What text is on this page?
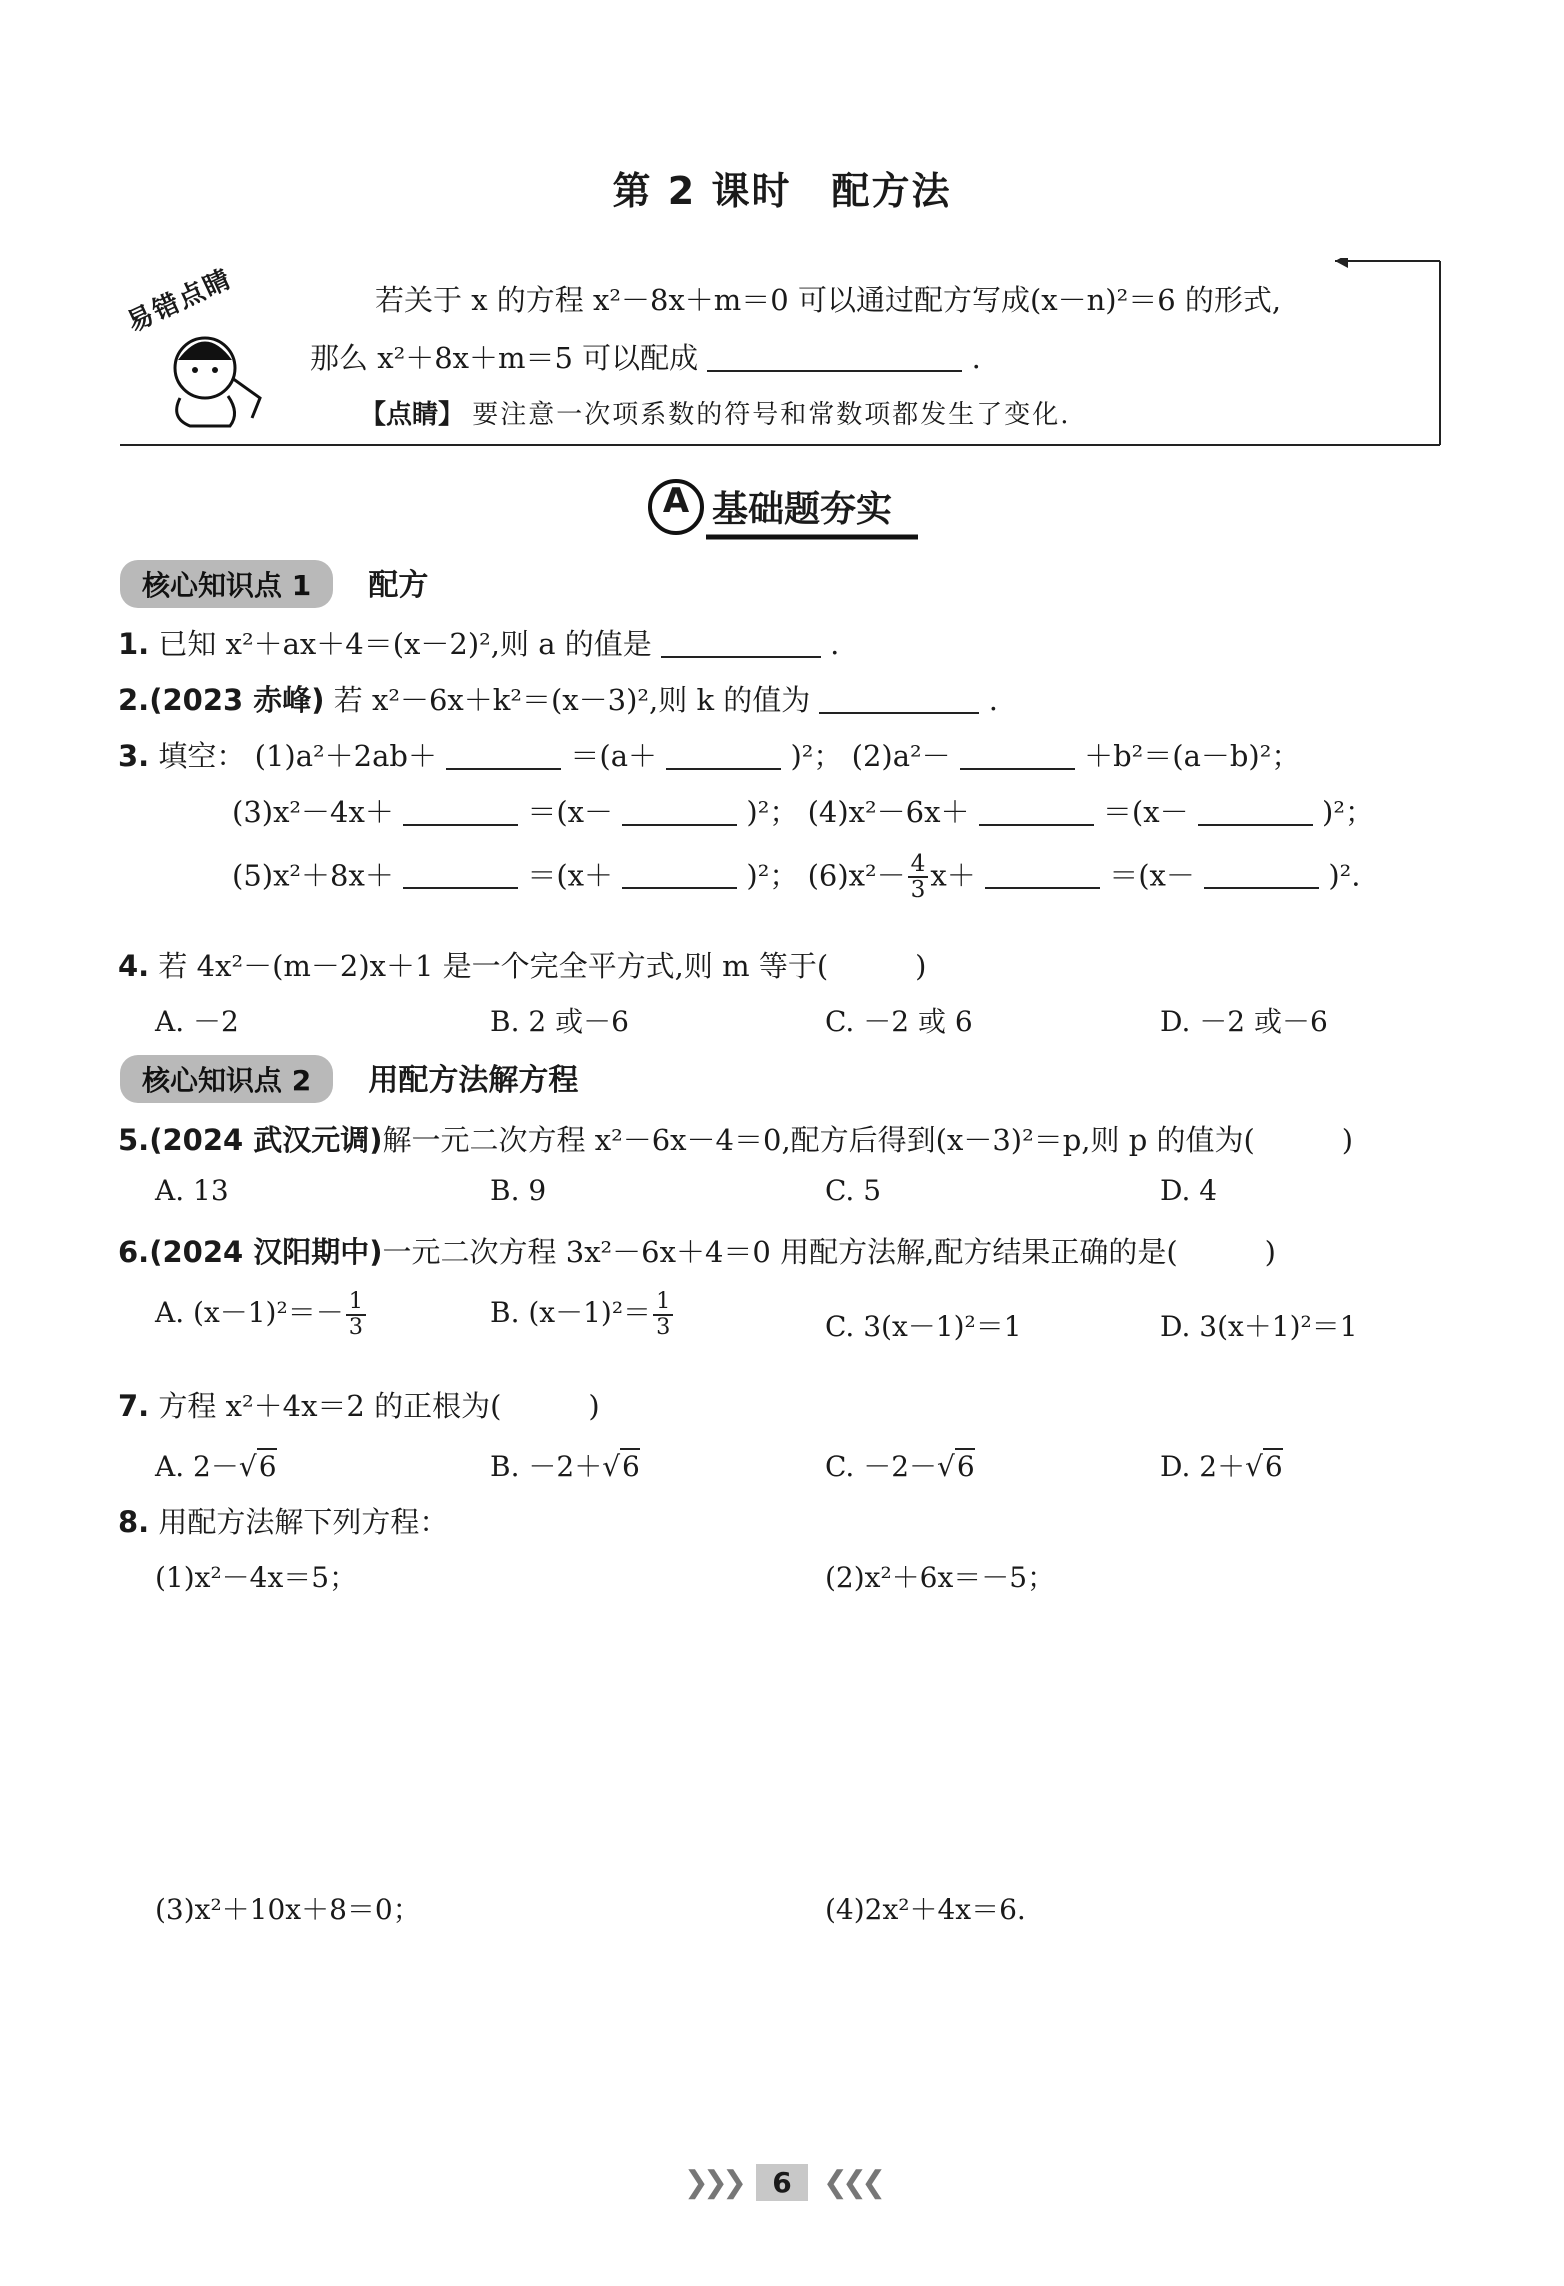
第 2 课时　配方法
易错点睛	若关于 x 的方程 x²－8x＋m＝0 可以通过配方写成(x－n)²＝6 的形式,
那么 x²＋8x＋m＝5 可以配成	.
【点睛】 要注意一次项系数的符号和常数项都发生了变化.
A 基础题夯实
核心知识点 1 配方
1. 已知 x²＋ax＋4＝(x－2)²,则 a 的值是	.
2.(2023 赤峰) 若 x²－6x＋k²＝(x－3)²,则 k 的值为	.
3. 填空： (1)a²＋2ab＋	＝(a＋	)²； (2)a²－	＋b²＝(a－b)²；
(3)x²－4x＋	＝(x－	)²； (4)x²－6x＋	＝(x－	)²；
(5)x²＋8x＋	＝(x＋	)²； $(6)x^2- \frac{4}{3} x+$	＝(x－	)².
4. 若 4x²－(m－2)x＋1 是一个完全平方式,则 m 等于(　　　)
A. －2	B. 2 或－6	C. －2 或 6	D. －2 或－6
核心知识点 2 用配方法解方程
5.(2024 武汉元调)解一元二次方程 x²－6x－4＝0,配方后得到(x－3)²＝p,则 p 的值为(　　　)
A. 13	B. 9	C. 5	D. 4
6.(2024 汉阳期中)一元二次方程 3x²－6x＋4＝0 用配方法解,配方结果正确的是(　　　)
A. $(x-1)^2=- \frac{1}{3}$	B. $(x-1)^2= \frac{1}{3}$	C. 3(x－1)²＝1	D. 3(x＋1)²＝1
7. 方程 x²＋4x＝2 的正根为(　　　)
A. 2－√6	B. －2＋√6	C. －2－√6	D. 2＋√6
8. 用配方法解下列方程：
(1)x²－4x＝5；	(2)x²＋6x＝－5；
(3)x²＋10x＋8＝0；	(4)2x²＋4x＝6.
❯❯❯ 6 ❮❮❮
